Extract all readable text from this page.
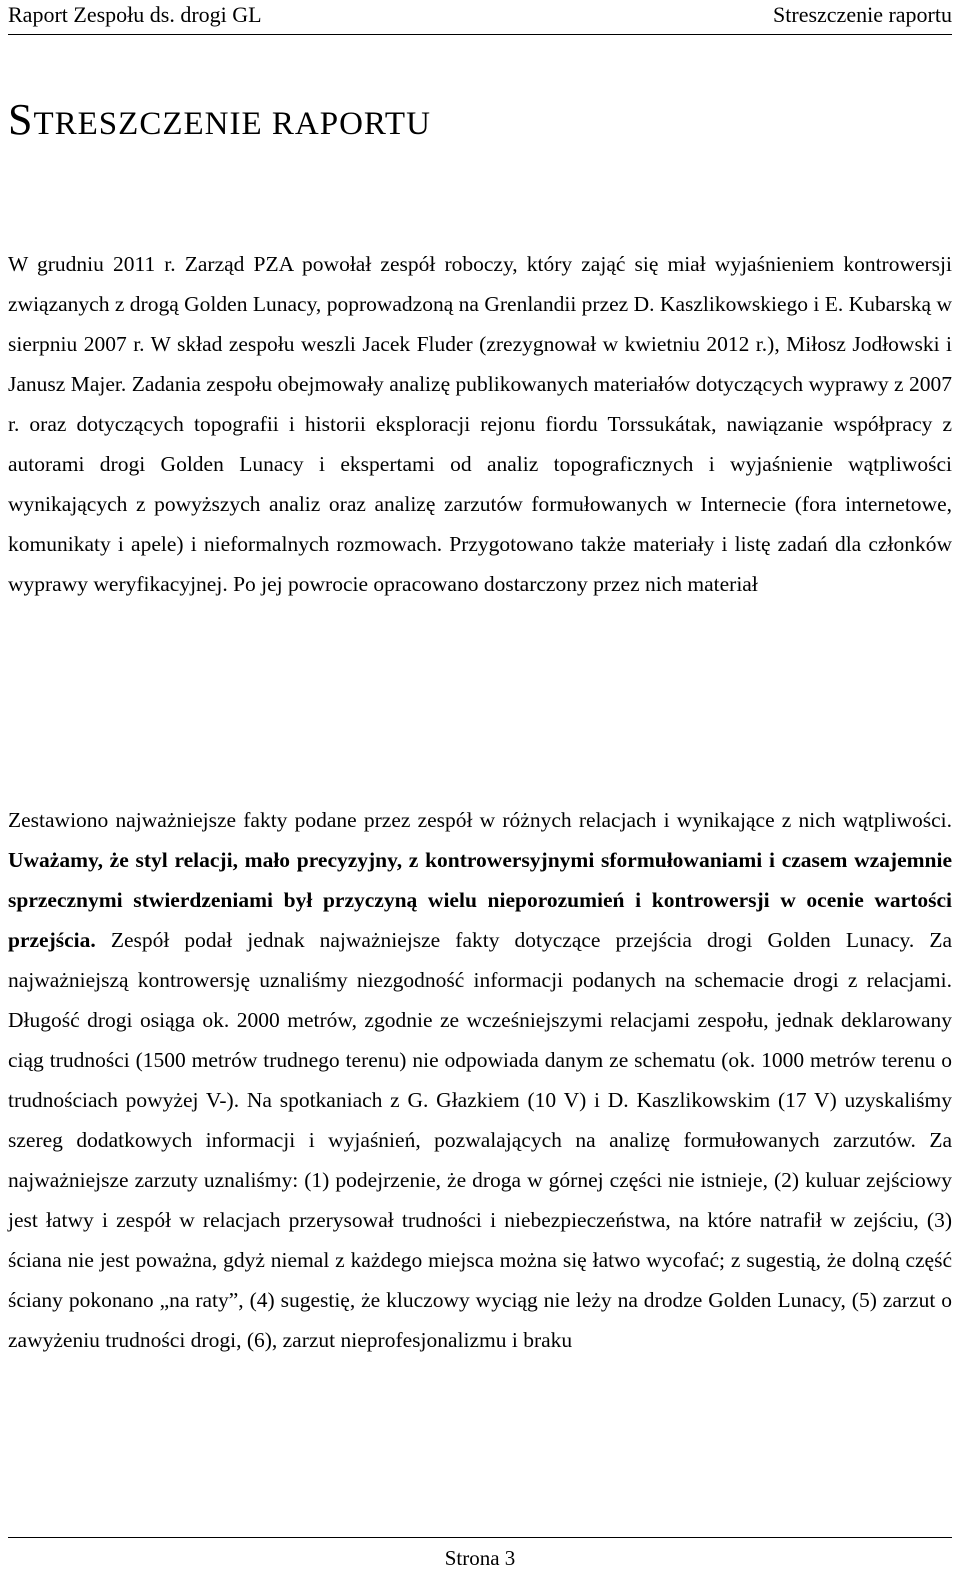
Raport Zespołu ds. drogi GL	Streszczenie raportu
STRESZCZENIE RAPORTU

W grudniu 2011 r. Zarząd PZA powołał zespół roboczy, który zająć się miał wyjaśnieniem kontrowersji związanych z drogą Golden Lunacy, poprowadzoną na Grenlandii przez D. Kaszlikowskiego i E. Kubarską w sierpniu 2007 r. W skład zespołu weszli Jacek Fluder (zrezygnował w kwietniu 2012 r.), Miłosz Jodłowski i Janusz Majer. Zadania zespołu obejmowały analizę publikowanych materiałów dotyczących wyprawy z 2007 r. oraz dotyczących topografii i historii eksploracji rejonu fiordu Torssukátak, nawiązanie współpracy z autorami drogi Golden Lunacy i ekspertami od analiz topograficznych i wyjaśnienie wątpliwości wynikających z powyższych analiz oraz analizę zarzutów formułowanych w Internecie (fora internetowe, komunikaty i apele) i nieformalnych rozmowach. Przygotowano także materiały i listę zadań dla członków wyprawy weryfikacyjnej. Po jej powrocie opracowano dostarczony przez nich materiał

Zestawiono najważniejsze fakty podane przez zespół w różnych relacjach i wynikające z nich wątpliwości. Uważamy, że styl relacji, mało precyzyjny, z kontrowersyjnymi sformułowaniami i czasem wzajemnie sprzecznymi stwierdzeniami był przyczyną wielu nieporozumień i kontrowersji w ocenie wartości przejścia. Zespół podał jednak najważniejsze fakty dotyczące przejścia drogi Golden Lunacy. Za najważniejszą kontrowersję uznaliśmy niezgodność informacji podanych na schemacie drogi z relacjami. Długość drogi osiąga ok. 2000 metrów, zgodnie ze wcześniejszymi relacjami zespołu, jednak deklarowany ciąg trudności (1500 metrów trudnego terenu) nie odpowiada danym ze schematu (ok. 1000 metrów terenu o trudnościach powyżej V-). Na spotkaniach z G. Głazkiem (10 V) i D. Kaszlikowskim (17 V) uzyskaliśmy szereg dodatkowych informacji i wyjaśnień, pozwalających na analizę formułowanych zarzutów. Za najważniejsze zarzuty uznaliśmy: (1) podejrzenie, że droga w górnej części nie istnieje, (2) kuluar zejściowy jest łatwy i zespół w relacjach przerysował trudności i niebezpieczeństwa, na które natrafił w zejściu, (3) ściana nie jest poważna, gdyż niemal z każdego miejsca można się łatwo wycofać; z sugestią, że dolną część ściany pokonano „na raty”, (4) sugestię, że kluczowy wyciąg nie leży na drodze Golden Lunacy, (5) zarzut o zawyżeniu trudności drogi, (6), zarzut nieprofesjonalizmu i braku

Strona 3
